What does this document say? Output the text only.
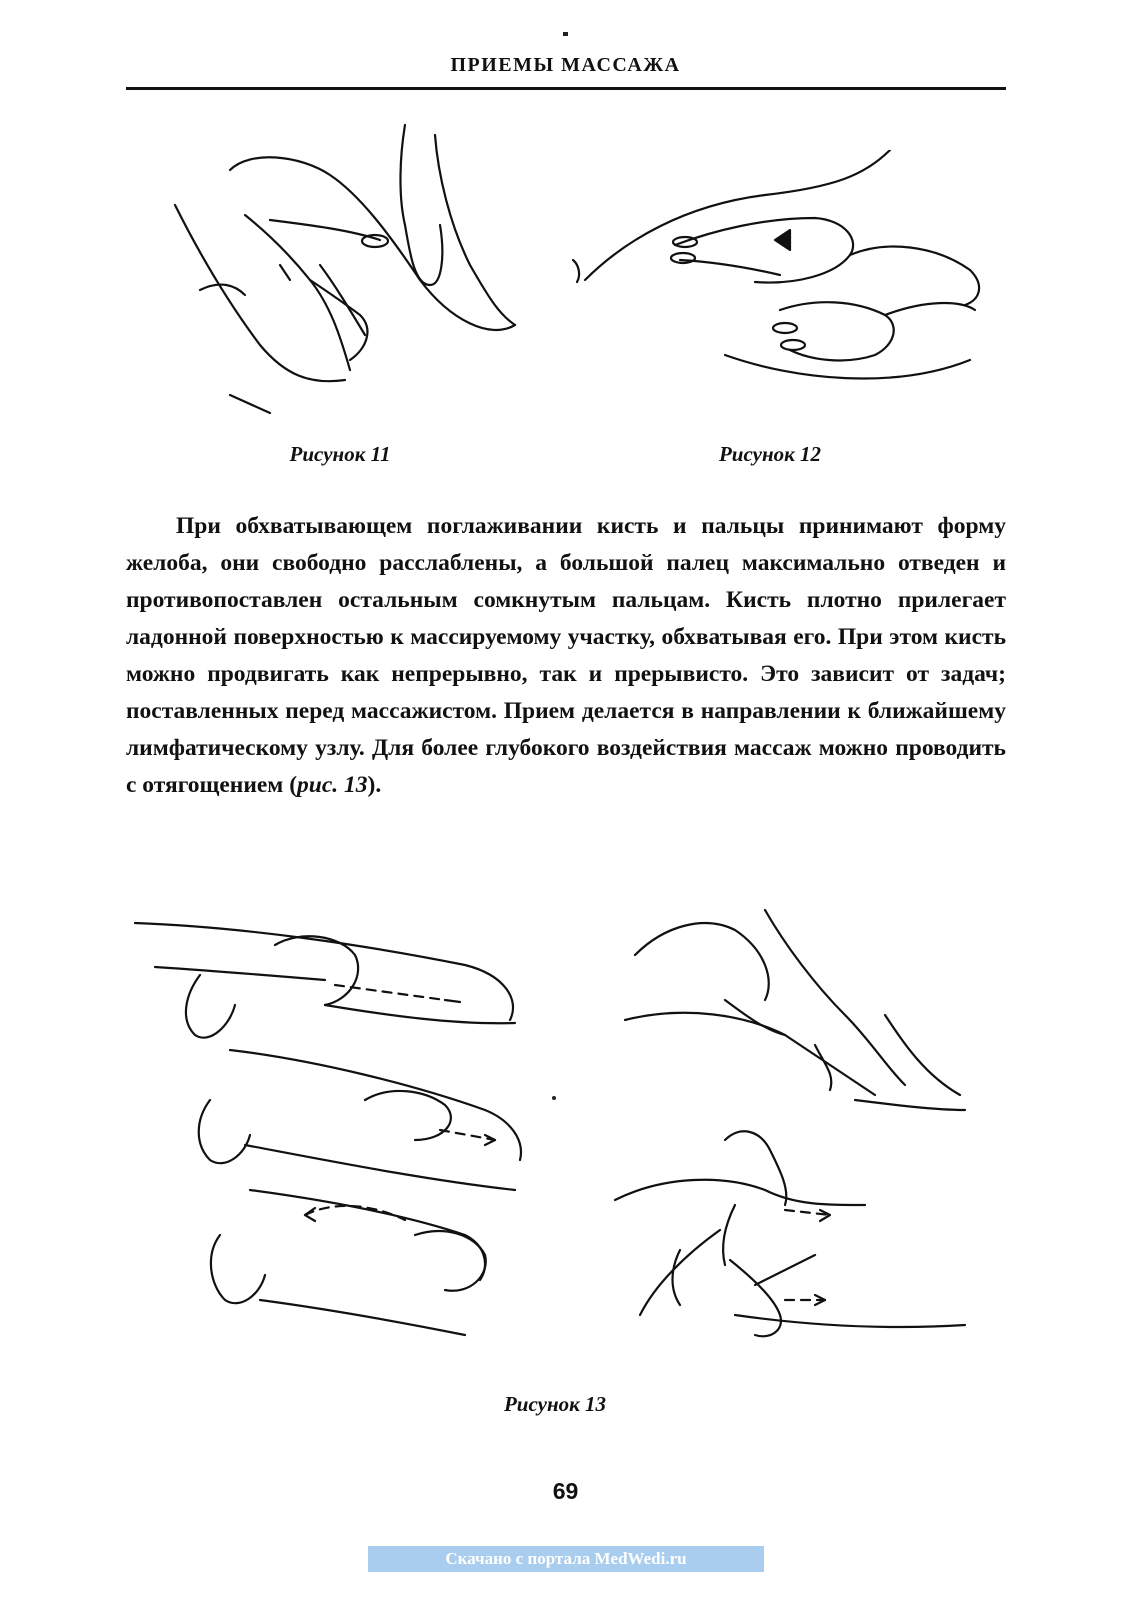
ПРИЕМЫ МАССАЖА
Рисунок 11	Рисунок 12

При обхватывающем поглаживании кисть и пальцы принимают форму желоба, они свободно расслаблены, а большой палец максимально отведен и противопоставлен остальным сомкнутым пальцам. Кисть плотно прилегает ладонной поверхностью к массируемому участку, обхватывая его. При этом кисть можно продвигать как непрерывно, так и прерывисто. Это зависит от задач; поставленных перед массажистом. Прием делается в направлении к ближайшему лимфатическому узлу. Для более глубокого воздействия массаж можно проводить с отягощением (рис. 13).

Рисунок 13
69
Скачано с портала MedWedi.ru
